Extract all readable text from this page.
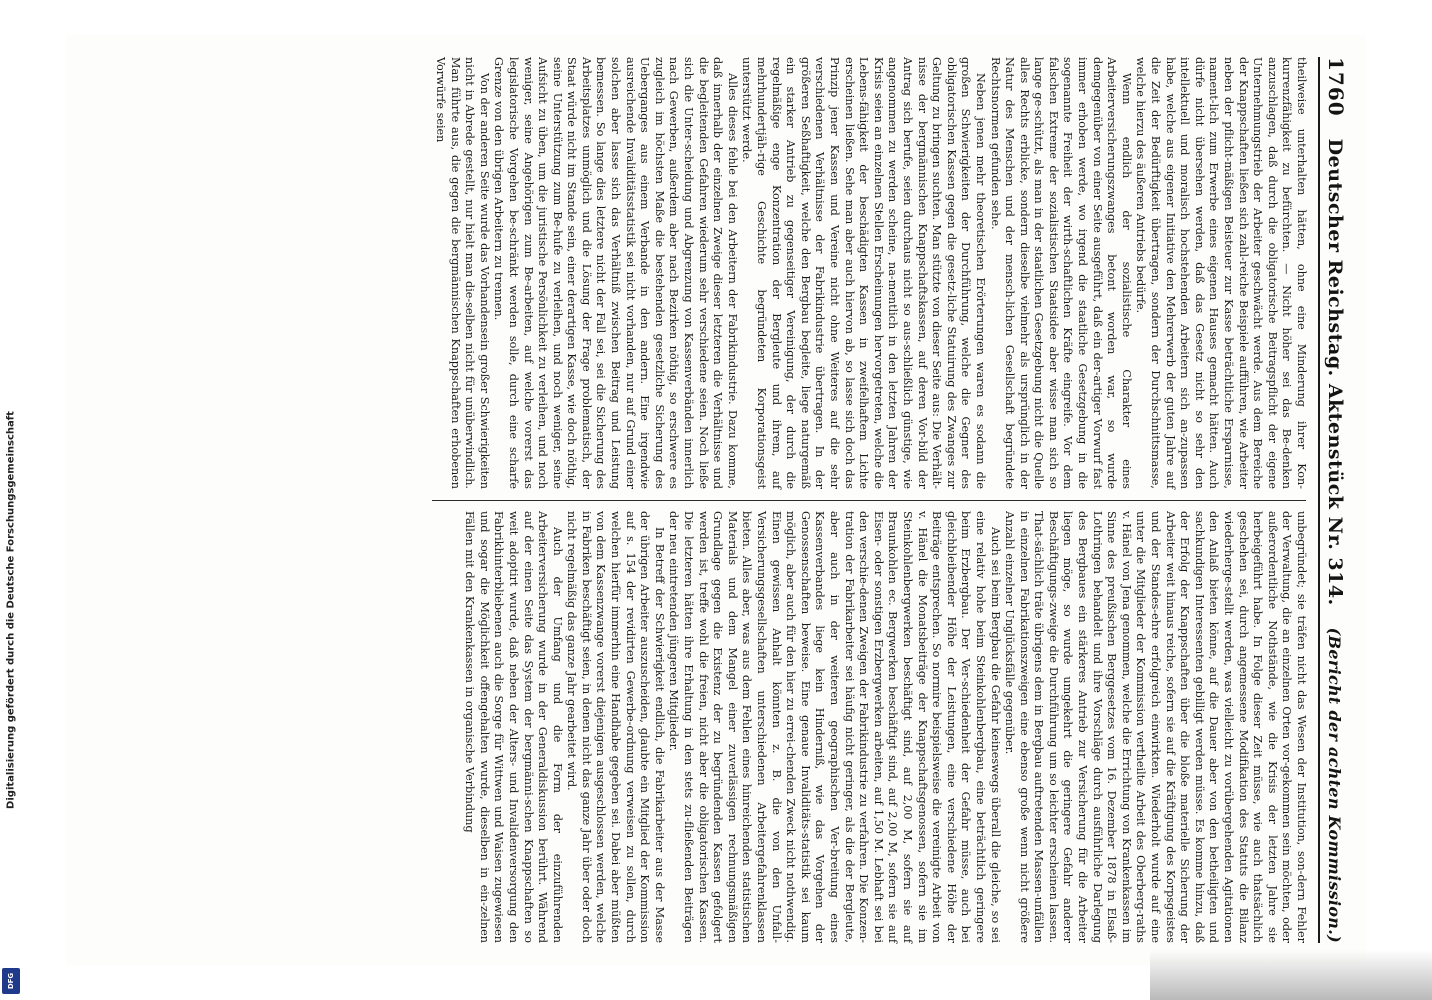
1760
Deutscher Reichstag. Aktenstück Nr. 314.
(Bericht der achten Kommission.)

theilweise unterhalten hätten, ohne eine Minderung ihrer Kon-kurrenzfähigkeit zu befürchten. — Nicht höher sei das Be-denken anzuschlagen, daß durch die obligatorische Beitragspflicht der eigene Unternehmungstrieb der Arbeiter geschwächt werde. Aus dem Bereiche der Knappschaften ließen sich zahl-reiche Beispiele aufführen, wie Arbeiter neben der pflicht-mäßigen Beisteuer zur Kasse beträchtliche Ersparnisse, nament-lich zum Erwerbe eines eigenen Hauses gemacht hätten. Auch dürfe nicht übersehen werden, daß das Gesetz nicht so sehr den intellektuell und moralisch hochstehenden Arbeitern sich an-zupassen habe, welche aus eigener Initiative den Mehrerwerb der guten Jahre auf die Zeit der Bedürftigkeit übertragen, sondern der Durchschnittsmasse, welche hierzu des äußeren Antriebs bedürfe.

Wenn endlich der sozialistische Charakter eines Arbeiterversicherungszwanges betont worden war, so wurde demgegenüber von einer Seite ausgeführt, daß ein der-artiger Vorwurf fast immer erhoben werde, wo irgend die staatliche Gesetzgebung in die sogenannte Freiheit der wirth-schaftlichen Kräfte eingreife. Vor dem falschen Extreme der sozialistischen Staatsidee aber wisse man sich so lange ge-schützt, als man in der staatlichen Gesetzgebung nicht die Quelle alles Rechts erblicke, sondern dieselbe vielmehr als ursprünglich in der Natur des Menschen und der mensch-lichen Gesellschaft begründete Rechtsnormen gefunden sehe.

Neben jenen mehr theoretischen Erörterungen waren es sodann die großen Schwierigkeiten der Durchführung, welche die Gegner des obligatorischen Kassen gegen die gesetz-liche Statuirung des Zwanges zur Geltung zu bringen suchten. Man stützte von dieser Seite aus: Die Verhält-nisse der bergmännischen Knappschaftskassen, auf deren Vor-bild der Antrag sich berufe, seien durchaus nicht so aus-schließlich günstige, wie angenommen zu werden scheine, na-mentlich in den letzten Jahren der Krisis seien an einzelnen Stellen Erscheinungen hervorgetreten, welche die Lebens-fähigkeit der beschädigten Kassen in zweifelhaftem Lichte erscheinen ließen. Sehe man aber auch hiervon ab, so lasse sich doch das Prinzip jener Kassen und Vereine nicht ohne Weiteres auf die sehr verschiedenen Verhältnisse der Fabrikindustrie übertragen. In der größeren Seßhaftigkeit, welche den Bergbau begleite, liege naturgemäß ein starker Antrieb zu gegenseitiger Vereinigung, der durch die regelmäßige enge Konzentration der Bergleute und ihrem, auf mehrhundertjäh-rige Geschichte begründeten Korporationsgeist unterstützt werde.

Alles dieses fehle bei den Arbeitern der Fabrikindustrie. Dazu komme, daß innerhalb der einzelnen Zweige dieser letzteren die Verhältnisse und die begleitenden Gefahren wiederum sehr verschiedene seien. Noch ließe sich die Unter-scheidung und Abgrenzung von Kassenverbänden innerlich nach Gewerben, außerdem aber nach Bezirken nöthig, so erschwere es zugleich im höchsten Maße die bestehenden gesetzliche Sicherung des Ueberganges aus einem Verbande in den andern. Eine irgendwie ausreichende Invaliditätsstatistik sei nicht vorhanden, nur auf Grund einer solchen aber lasse sich das Verhältniß zwischen Beitrag und Leistung bemessen. So lange dies letztere nicht der Fall sei, sei die Sicherung des Arbeitsplatzes unmöglich und die Lösung der Frage problematisch, der Staat würde nicht im Stande sein, einer derartigen Kasse, wie doch nöthig, seine Unterstützung zum Be-hufe zu verleihen, und noch weniger, seine Aufsicht zu üben, um die juristische Persönlichkeit zu verleihen, und noch weniger, seine Angehörigen zum Be-arbeiten, auf welche vorerst das legislatorische Vorgehen be-schränkt werden solle, durch eine scharfe Grenze von den übrigen Arbeitern zu trennen.

Von der anderen Seite wurde das Vorhandensein großer Schwierigkeiten nicht in Abrede gestellt, nur hielt man die-selben nicht für unüberwindlich. Man führte aus, die gegen die bergmännischen Knappschaften erhobenen Vorwürfe seien

unbegründet; sie träfen nicht das Wesen der Institution, son-dern Fehler der Verwaltung, die an einzelnen Orten vor-gekommen sein möchten, oder außerordentliche Nothstände, wie die Krisis der letzten Jahre sie herbeigeführt habe. In Folge dieser Zeit müsse, wie auch thatsächlich geschehen sei, durch angemessene Modifikation des Statuts die Bilanz wiederherge-stellt werden, was vielleicht zu vorübergehenden Agitationen den Anlaß bieten könne, auf die Dauer aber von den betheiligten und sachkundigen Interessenten gebilligt werden müsse. Es komme hinzu, daß der Erfolg der Knappschaften über die bloße materielle Sicherung der Arbeiter weit hinaus reiche, sofern sie auf die Kräftigung des Korpsgeistes und der Standes-ehre erfolgreich einwirkten. Wiederholt wurde auf eine unter die Mitglieder der Kommission vertheilte Arbeit des Oberberg-raths v. Hänel von Jena genommen, welche die Errichtung von Krankenkassen im Sinne des preußischen Berggesetzes vom 16. Dezember 1878 in Elsaß-Lothringen behandelt und ihre Vorschläge durch ausführliche Darlegung des Bergbaues ein stärkeres Antrieb zur Versicherung für die Arbeiter liegen möge, so wurde umgekehrt die geringere Gefahr anderer Beschäftigungs-zweige die Durchführung um so leichter erscheinen lassen. That-sächlich träte übrigens dem in Bergbau auftretenden Massen-unfällen in einzelnen Fabrikationszweigen eine ebenso große wenn nicht größere Anzahl einzelner Unglücksfälle gegenüber.

Auch sei beim Bergbau die Gefahr keineswegs überall die gleiche, so sei eine relativ hohe beim Steinkohlenbergbau, eine beträchtlich geringere beim Erzbergbau. Der Ver-schiedenheit der Gefahr müsse, auch bei gleichbleibender Höhe der Leistungen, eine verschiedene Höhe der Beiträge entsprechen. So normire beispielsweise die vereinigte Arbeit von v. Hänel die Monatsbeiträge der Knappschaftsgenossen, sofern sie im Steinkohlenbergwerken beschäftigt sind, auf 2,00 M, sofern sie auf Braunkohlen ec. Bergwerken beschäftigt sind, auf 2,00 M, sofern sie auf Eisen- oder sonstigen Erzbergwerken arbeiten, auf 1,50 M. Lebhaft sei bei den verschie-denen Zweigen der Fabrikindustrie zu verfahren. Die Konzen-tration der Fabrikarbeiter sei häufig nicht geringer, als die der Bergleute, aber auch in der weiteren geographischen Ver-breitung eines Kassenverbandes liege kein Hinderniß, wie das Vorgehen der Genossenschaften beweise. Eine genaue Invaliditäts-statistik sei kaum möglich, aber auch für den hier zu errei-chenden Zweck nicht nothwendig. Einen gewissen Anhalt könnten z. B. die von den Unfall-Versicherungsgesellschaften unterschiedenen Arbeitergefahrenklassen bieten. Alles aber, was aus dem Fehlen eines hinreichenden statistischen Materials und dem Mangel einer zuverlässigen rechnungsmäßigen Grundlage gegen die Existenz der zu begründenden Kassen gefolgert werden ist, treffe wohl die freien, nicht aber die obligatorischen Kassen. Die letzteren hätten ihre Erhaltung in den stets zu-fließenden Beiträgen der neu eintretenden jüngeren Mitglieder.

In Betreff der Schwierigkeit endlich, die Fabrikarbeiter aus der Masse der übrigen Arbeiter auszuscheiden, glaubte ein Mitglied der Kommission auf s. 154 der revidirten Gewerbe-ordnung verweisen zu sollen, durch welchen hierfür immerhin eine Handhabe gegeben sei. Dabei aber müßten von dem Kassenzwange vorerst diejenigen ausgeschlossen werden, welche in Fabriken beschäftigt seien, in denen nicht das ganze Jahr über oder doch nicht regelmäßig das ganze Jahr gearbeitet wird.

Auch der Umfang und die Form der einzuführenden Arbeiterversicherung wurde in der Generaldiskussion berührt. Während auf der einen Seite das System der bergmänni-schen Knappschaften so weit adoptirt wurde, daß neben der Alters- und Invalidenversorgung den Fabrikhinterbliebenen auch die Sorge für Wittwen und Waisen zugewiesen und sogar die Möglichkeit offengehalten wurde, dieselben in ein-zelnen Fällen mit den Krankenkassen in organische Verbindung

Digitalisierung gefördert durch die Deutsche Forschungsgemeinschaft
DFG
